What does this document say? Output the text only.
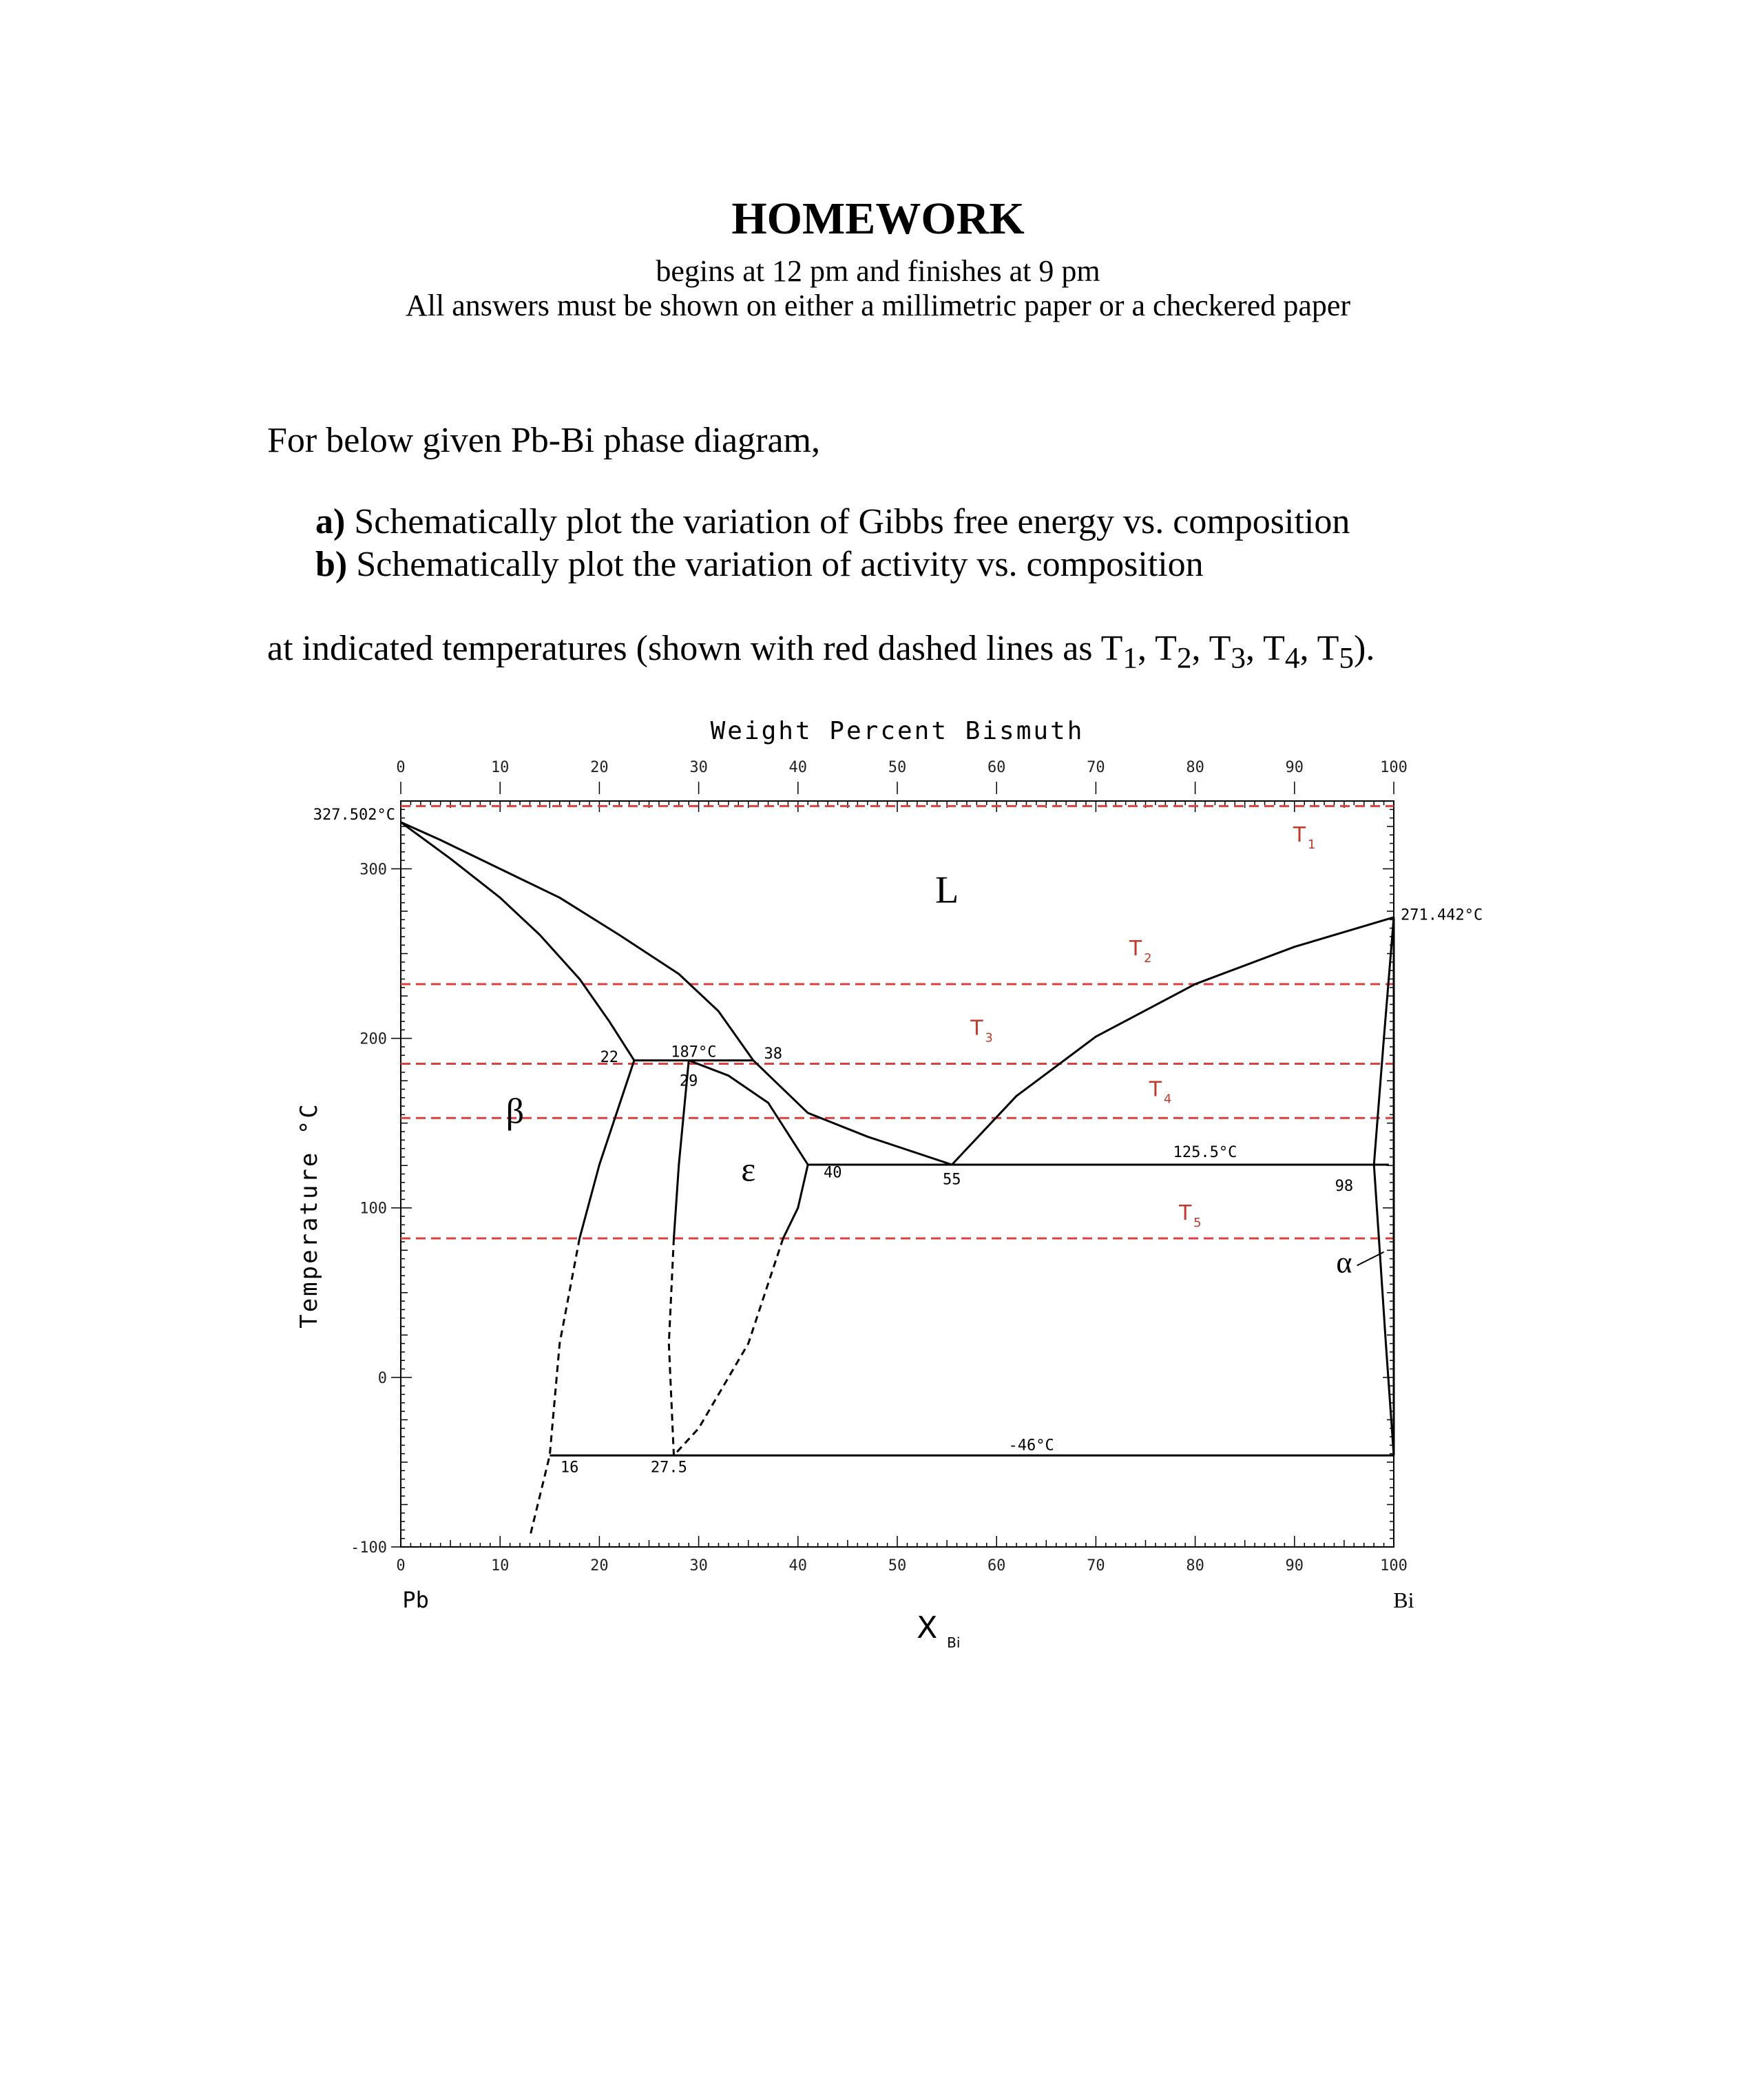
HOMEWORK
begins at 12 pm and finishes at 9 pm
All answers must be shown on either a millimetric paper or a checkered paper
For below given Pb-Bi phase diagram,
a) Schematically plot the variation of Gibbs free energy vs. composition
b) Schematically plot the variation of activity vs. composition
at indicated temperatures (shown with red dashed lines as $T_1$, $T_2$, $T_3$, $T_4$, $T_5$).
0	10	20	30	40	50	60	70	80	90	100
0	10	20	30	40	50	60	70	80	90	100
300
200
100
0
-100
Weight Percent Bismuth
Temperature °C
X Bi
Pb	Bi
T 1
T 2
T 3
T 4
T 5
187°C
125.5°C
-46°C
327.502°C
271.442°C
22	38
29
40	55	98
16	27.5
L
β
ε
α
